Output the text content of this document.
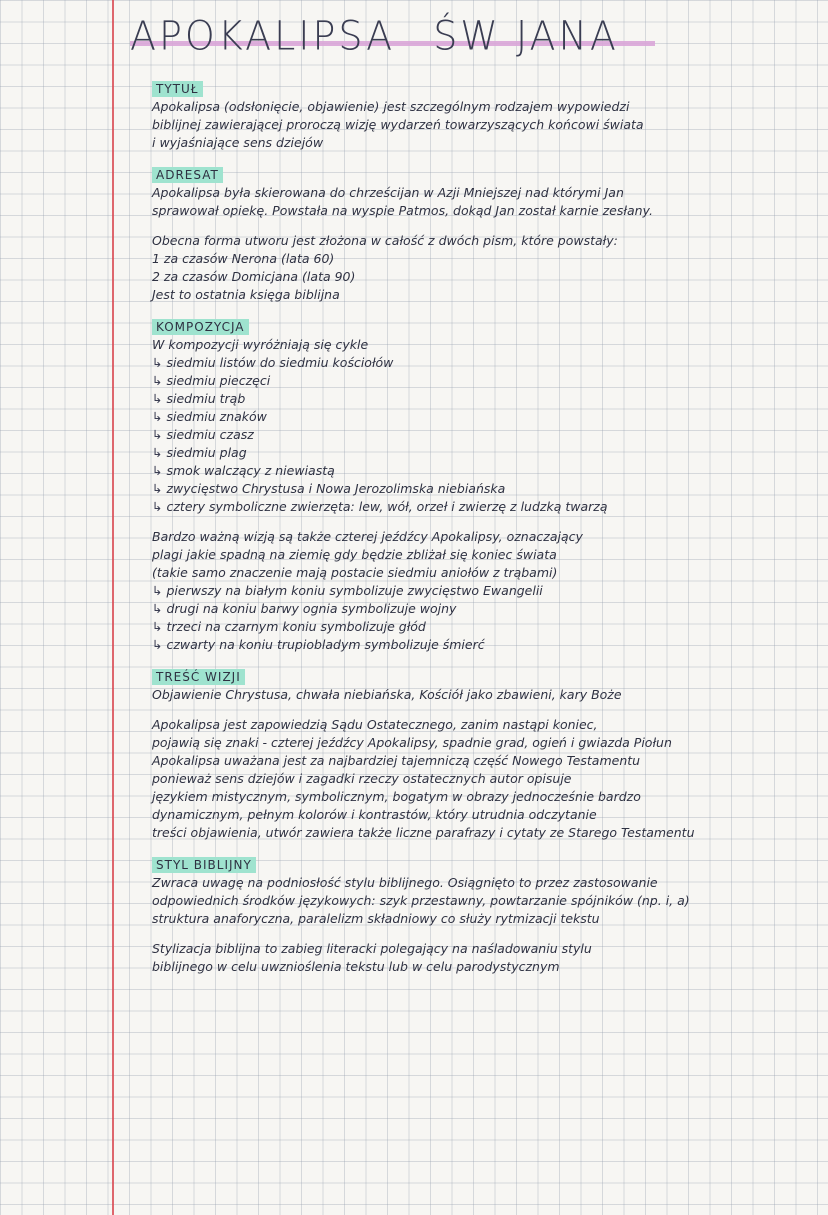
APOKALIPSA ŚW JANA
TYTUŁ
Apokalipsa (odsłonięcie, objawienie) jest szczególnym rodzajem wypowiedzi
biblijnej zawierającej proroczą wizję wydarzeń towarzyszących końcowi świata
i wyjaśniające sens dziejów
ADRESAT
Apokalipsa była skierowana do chrześcijan w Azji Mniejszej nad którymi Jan
sprawował opiekę. Powstała na wyspie Patmos, dokąd Jan został karnie zesłany.
Obecna forma utworu jest złożona w całość z dwóch pism, które powstały:
1 za czasów Nerona (lata 60)
2 za czasów Domicjana (lata 90)
Jest to ostatnia księga biblijna
KOMPOZYCJA
W kompozycji wyróżniają się cykle
↳ siedmiu listów do siedmiu kościołów
↳ siedmiu pieczęci
↳ siedmiu trąb
↳ siedmiu znaków
↳ siedmiu czasz
↳ siedmiu plag
↳ smok walczący z niewiastą
↳ zwycięstwo Chrystusa i Nowa Jerozolimska niebiańska
↳ cztery symboliczne zwierzęta: lew, wół, orzeł i zwierzę z ludzką twarzą
Bardzo ważną wizją są także czterej jeźdźcy Apokalipsy, oznaczający
plagi jakie spadną na ziemię gdy będzie zbliżał się koniec świata
(takie samo znaczenie mają postacie siedmiu aniołów z trąbami)
↳ pierwszy na białym koniu symbolizuje zwycięstwo Ewangelii
↳ drugi na koniu barwy ognia symbolizuje wojny
↳ trzeci na czarnym koniu symbolizuje głód
↳ czwarty na koniu trupiobladym symbolizuje śmierć
TREŚĆ WIZJI
Objawienie Chrystusa, chwała niebiańska, Kościół jako zbawieni, kary Boże
Apokalipsa jest zapowiedzią Sądu Ostatecznego, zanim nastąpi koniec,
pojawią się znaki - czterej jeźdźcy Apokalipsy, spadnie grad, ogień i gwiazda Piołun
Apokalipsa uważana jest za najbardziej tajemniczą część Nowego Testamentu
ponieważ sens dziejów i zagadki rzeczy ostatecznych autor opisuje
językiem mistycznym, symbolicznym, bogatym w obrazy jednocześnie bardzo
dynamicznym, pełnym kolorów i kontrastów, który utrudnia odczytanie
treści objawienia, utwór zawiera także liczne parafrazy i cytaty ze Starego Testamentu
STYL BIBLIJNY
Zwraca uwagę na podniosłość stylu biblijnego. Osiągnięto to przez zastosowanie
odpowiednich środków językowych: szyk przestawny, powtarzanie spójników (np. i, a)
struktura anaforyczna, paralelizm składniowy co służy rytmizacji tekstu
Stylizacja biblijna to zabieg literacki polegający na naśladowaniu stylu
biblijnego w celu uwznioślenia tekstu lub w celu parodystycznym
